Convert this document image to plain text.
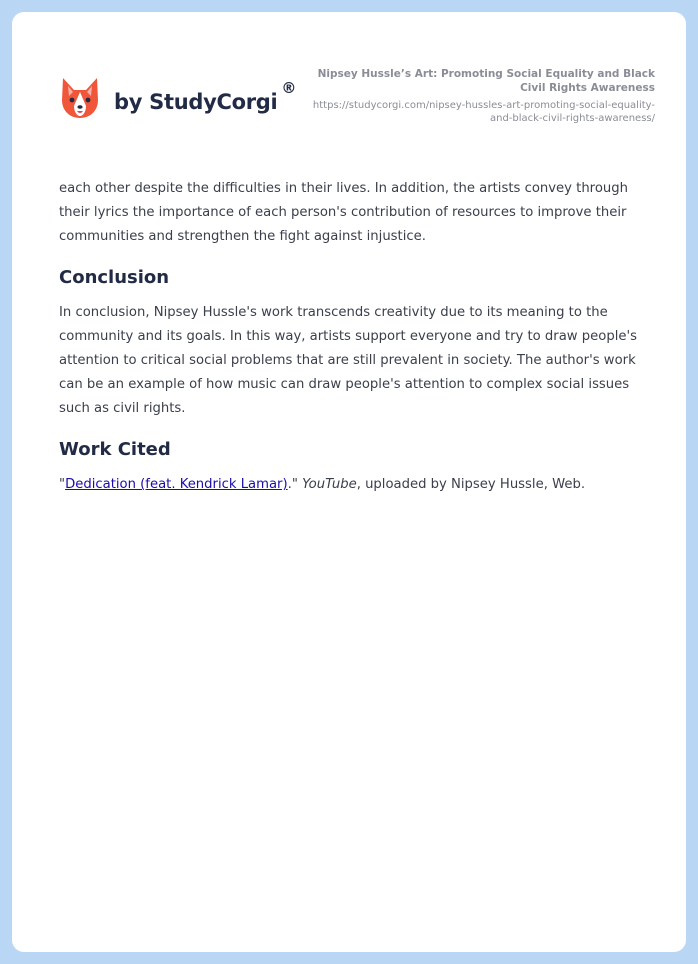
by StudyCorgi
®
Nipsey Hussle’s Art: Promoting Social Equality and Black Civil Rights Awareness
https://studycorgi.com/nipsey-hussles-art-promoting-social-equality-and-black-civil-rights-awareness/

each other despite the difficulties in their lives. In addition, the artists convey through their lyrics the importance of each person's contribution of resources to improve their communities and strengthen the fight against injustice.

Conclusion

In conclusion, Nipsey Hussle's work transcends creativity due to its meaning to the community and its goals. In this way, artists support everyone and try to draw people's attention to critical social problems that are still prevalent in society. The author's work can be an example of how music can draw people's attention to complex social issues such as civil rights.

Work Cited

"Dedication (feat. Kendrick Lamar)." YouTube, uploaded by Nipsey Hussle, Web.
